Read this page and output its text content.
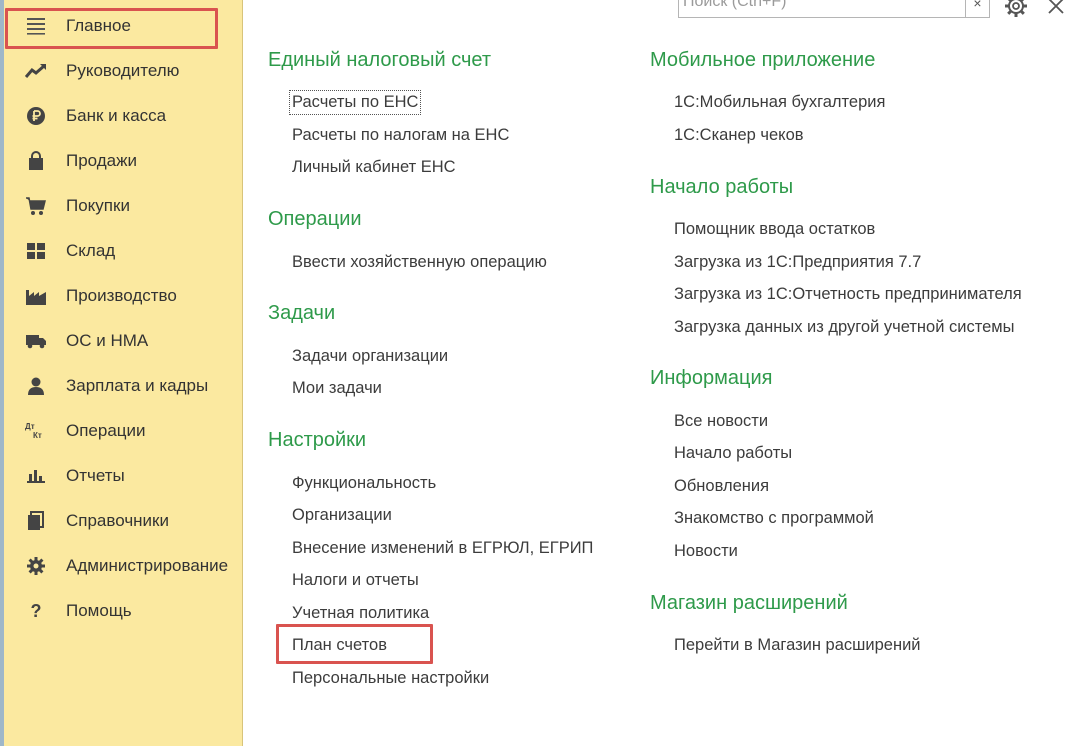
Главное
Руководителю
Банк и касса
Продажи
Покупки
Склад
Производство
ОС и НМА
Зарплата и кадры
Дт
Кт Операции
Отчеты
Справочники
Администрирование
?	Помощь
Поиск (Ctrl+F)
×
Единый налоговый счет
Расчеты по ЕНС
Расчеты по налогам на ЕНС
Личный кабинет ЕНС
Операции
Ввести хозяйственную операцию
Задачи
Задачи организации
Мои задачи
Настройки
Функциональность
Организации
Внесение изменений в ЕГРЮЛ, ЕГРИП
Налоги и отчеты
Учетная политика
План счетов
Персональные настройки
Мобильное приложение
1С:Мобильная бухгалтерия
1С:Сканер чеков
Начало работы
Помощник ввода остатков
Загрузка из 1С:Предприятия 7.7
Загрузка из 1С:Отчетность предпринимателя
Загрузка данных из другой учетной системы
Информация
Все новости
Начало работы
Обновления
Знакомство с программой
Новости
Магазин расширений
Перейти в Магазин расширений
